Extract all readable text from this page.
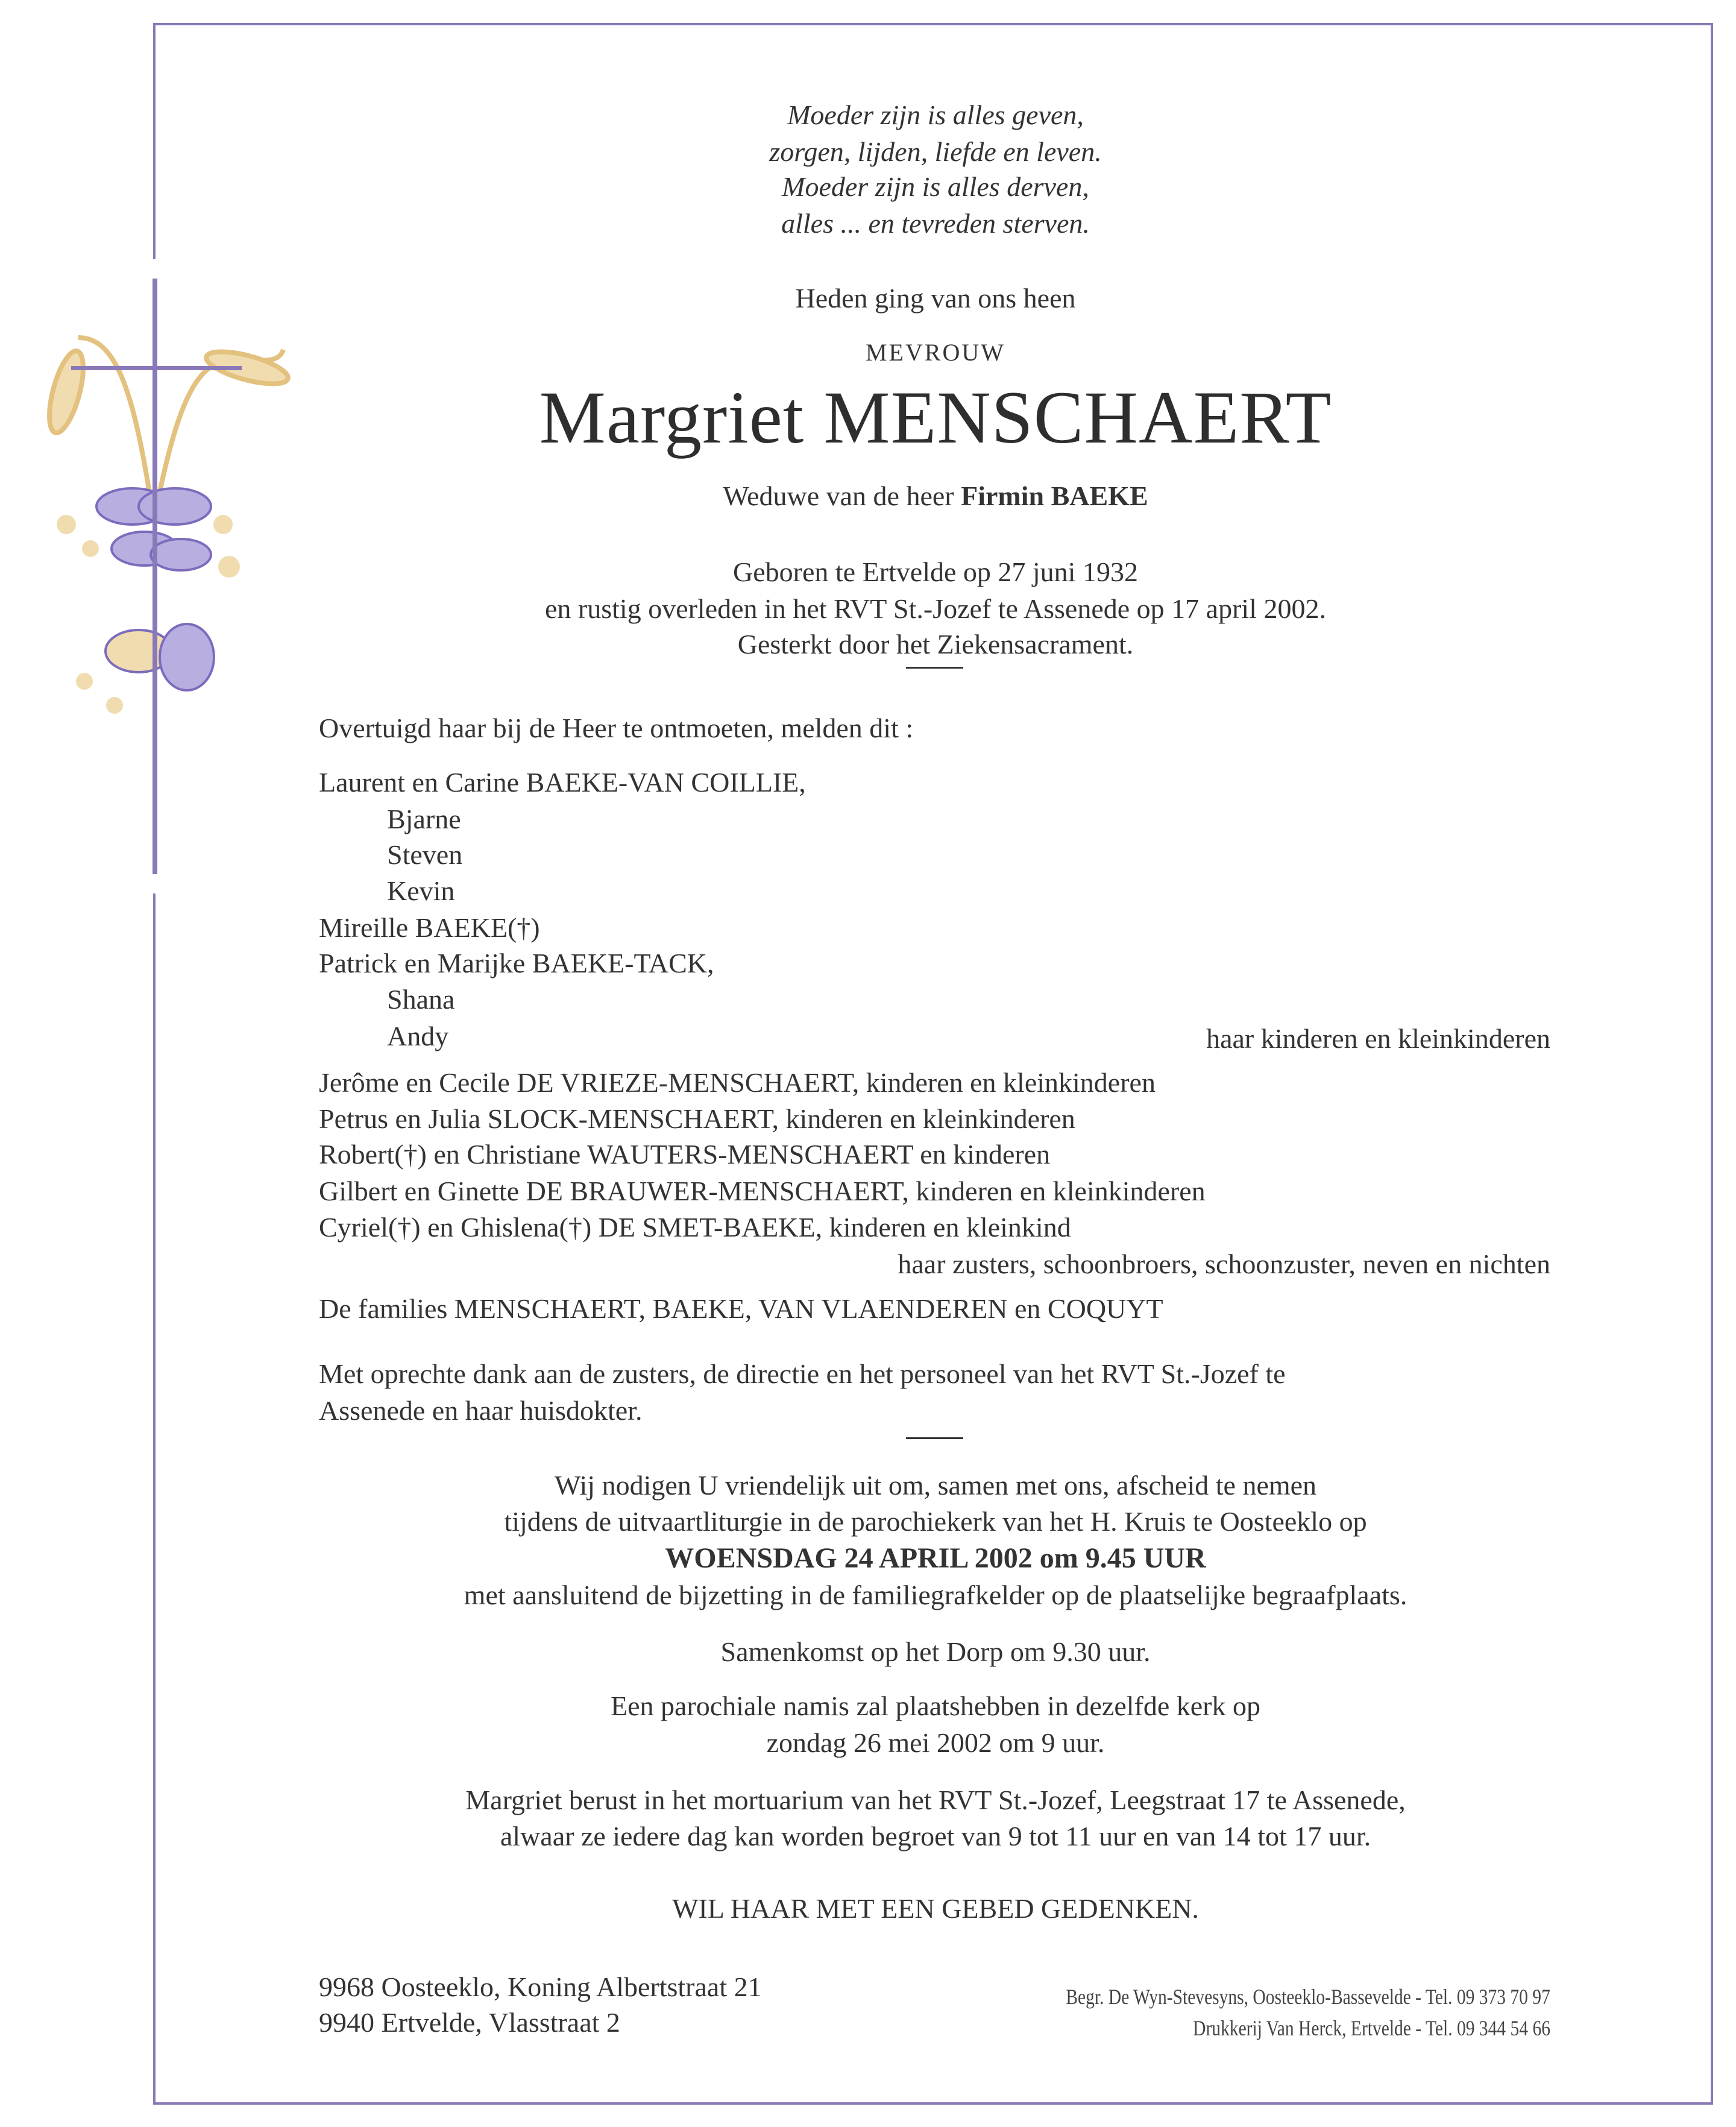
Moeder zijn is alles geven,
zorgen, lijden, liefde en leven.
Moeder zijn is alles derven,
alles ... en tevreden sterven.
Heden ging van ons heen
MEVROUW
Margriet MENSCHAERT
Weduwe van de heer Firmin BAEKE
Geboren te Ertvelde op 27 juni 1932
en rustig overleden in het RVT St.-Jozef te Assenede op 17 april 2002.
Gesterkt door het Ziekensacrament.
Overtuigd haar bij de Heer te ontmoeten, melden dit :
Laurent en Carine BAEKE-VAN COILLIE,
Bjarne
Steven
Kevin
Mireille BAEKE(†)
Patrick en Marijke BAEKE-TACK,
Shana
Andy	haar kinderen en kleinkinderen
Jerôme en Cecile DE VRIEZE-MENSCHAERT, kinderen en kleinkinderen
Petrus en Julia SLOCK-MENSCHAERT, kinderen en kleinkinderen
Robert(†) en Christiane WAUTERS-MENSCHAERT en kinderen
Gilbert en Ginette DE BRAUWER-MENSCHAERT, kinderen en kleinkinderen
Cyriel(†) en Ghislena(†) DE SMET-BAEKE, kinderen en kleinkind
haar zusters, schoonbroers, schoonzuster, neven en nichten
De families MENSCHAERT, BAEKE, VAN VLAENDEREN en COQUYT
Met oprechte dank aan de zusters, de directie en het personeel van het RVT St.-Jozef te
Assenede en haar huisdokter.
Wij nodigen U vriendelijk uit om, samen met ons, afscheid te nemen
tijdens de uitvaartliturgie in de parochiekerk van het H. Kruis te Oosteeklo op
WOENSDAG 24 APRIL 2002 om 9.45 UUR
met aansluitend de bijzetting in de familiegrafkelder op de plaatselijke begraafplaats.
Samenkomst op het Dorp om 9.30 uur.
Een parochiale namis zal plaatshebben in dezelfde kerk op
zondag 26 mei 2002 om 9 uur.
Margriet berust in het mortuarium van het RVT St.-Jozef, Leegstraat 17 te Assenede,
alwaar ze iedere dag kan worden begroet van 9 tot 11 uur en van 14 tot 17 uur.
WIL HAAR MET EEN GEBED GEDENKEN.
9968 Oosteeklo, Koning Albertstraat 21
9940 Ertvelde, Vlasstraat 2
Begr. De Wyn-Stevesyns, Oosteeklo-Bassevelde - Tel. 09 373 70 97
Drukkerij Van Herck, Ertvelde - Tel. 09 344 54 66
